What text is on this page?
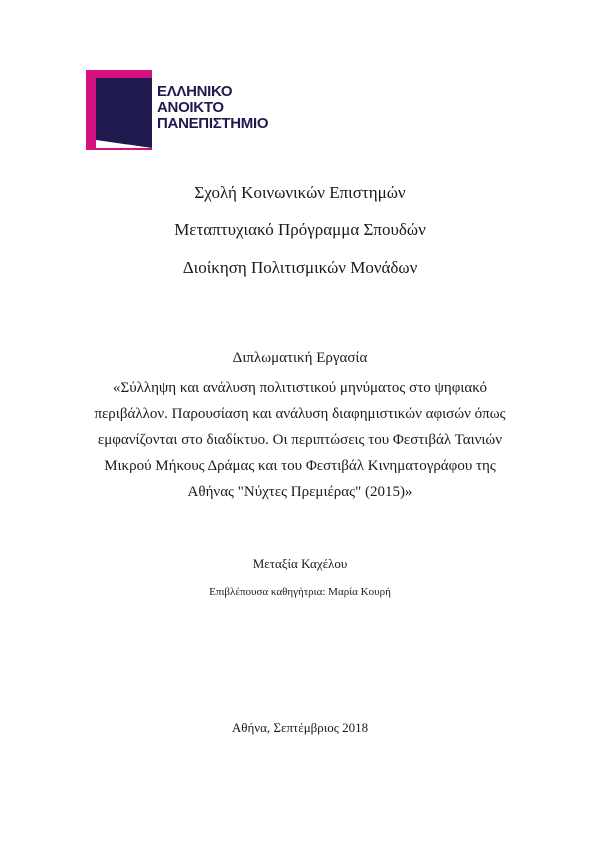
ΕΛΛΗΝΙΚΟ
ΑΝΟΙΚΤΟ
ΠΑΝΕΠΙΣΤΗΜΙΟ
Σχολή Κοινωνικών Επιστημών
Μεταπτυχιακό Πρόγραμμα Σπουδών
Διοίκηση Πολιτισμικών Μονάδων
Διπλωματική Εργασία
«Σύλληψη και ανάλυση πολιτιστικού μηνύματος στο ψηφιακό περιβάλλον. Παρουσίαση και ανάλυση διαφημιστικών αφισών όπως εμφανίζονται στο διαδίκτυο. Οι περιπτώσεις του Φεστιβάλ Ταινιών Μικρού Μήκους Δράμας και του Φεστιβάλ Κινηματογράφου της Αθήνας "Νύχτες Πρεμιέρας" (2015)»
Μεταξία Καχέλου
Επιβλέπουσα καθηγήτρια: Μαρία Κουρή
Αθήνα, Σεπτέμβριος 2018
